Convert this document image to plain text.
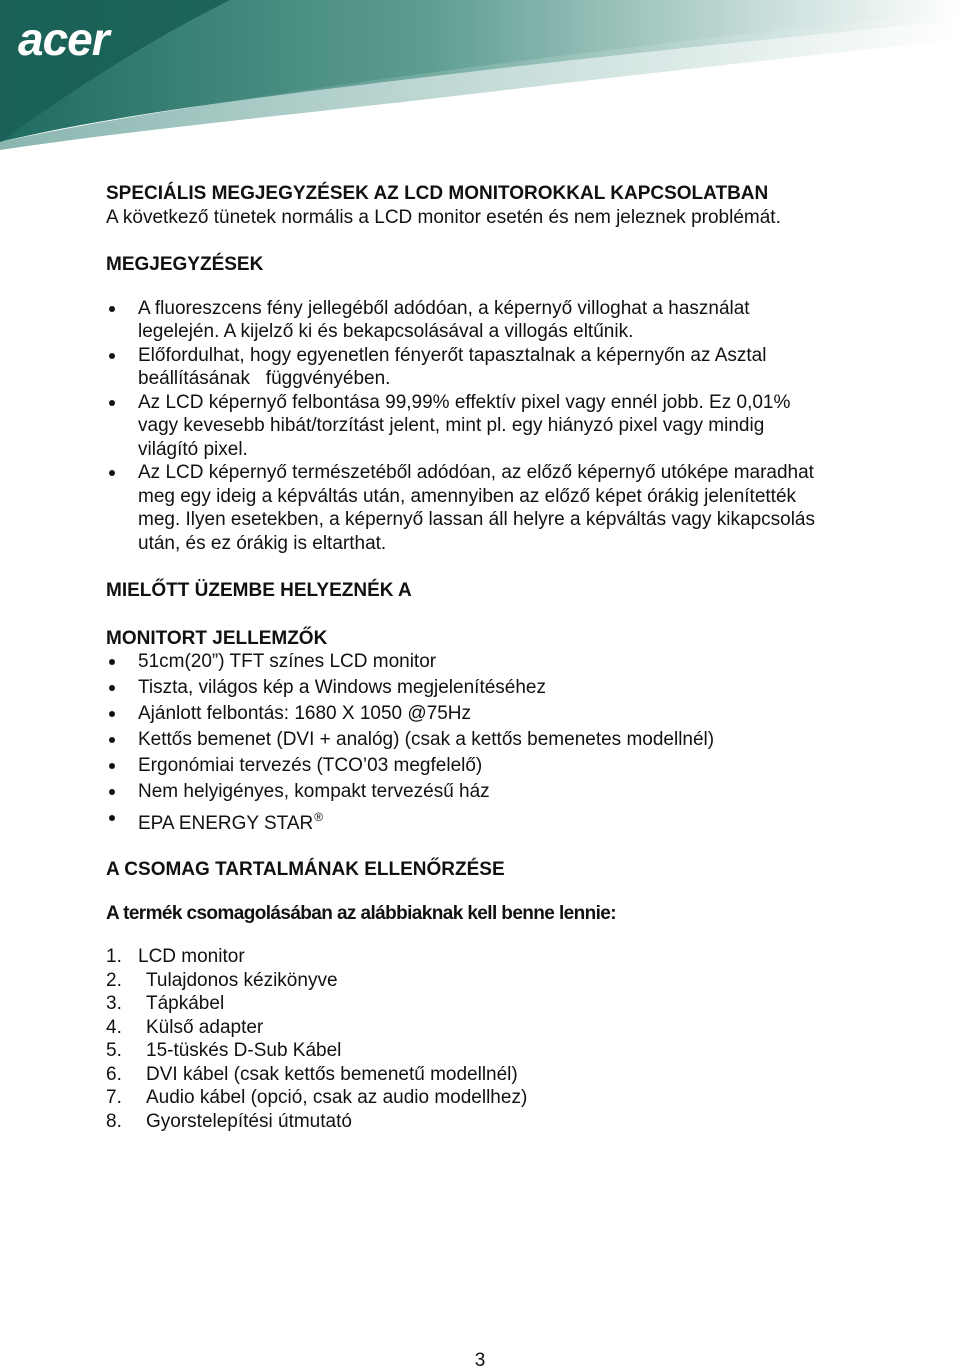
acer

SPECIÁLIS MEGJEGYZÉSEK AZ LCD MONITOROKKAL KAPCSOLATBAN

A következő tünetek normális a LCD monitor esetén és nem jeleznek problémát.

MEGJEGYZÉSEK

A fluoreszcens fény jellegéből adódóan, a képernyő villoghat a használat legelején. A kijelző ki és bekapcsolásával a villogás eltűnik.
Előfordulhat, hogy egyenetlen fényerőt tapasztalnak a képernyőn az Asztal beállításának   függvényében.
Az LCD képernyő felbontása 99,99% effektív pixel vagy ennél jobb. Ez 0,01% vagy kevesebb hibát/torzítást jelent, mint pl. egy hiányzó pixel vagy mindig világító pixel.
Az LCD képernyő természetéből adódóan, az előző képernyő utóképe maradhat meg egy ideig a képváltás után, amennyiben az előző képet órákig jelenítették meg. Ilyen esetekben, a képernyő lassan áll helyre a képváltás vagy kikapcsolás után, és ez órákig is eltarthat.

MIELŐTT ÜZEMBE HELYEZNÉK A

MONITORT JELLEMZŐK

51cm(20”) TFT színes LCD monitor
Tiszta, világos kép a Windows megjelenítéséhez
Ajánlott felbontás: 1680 X 1050 @75Hz
Kettős bemenet (DVI + analóg) (csak a kettős bemenetes modellnél)
Ergonómiai tervezés (TCO’03 megfelelő)
Nem helyigényes, kompakt tervezésű ház
EPA ENERGY STAR®

A CSOMAG TARTALMÁNAK ELLENŐRZÉSE

A termék csomagolásában az alábbiaknak kell benne lennie:

1. LCD monitor
2.	Tulajdonos kézikönyve
3.	Tápkábel
4.	Külső adapter
5.	15-tüskés D-Sub Kábel
6.	DVI kábel (csak kettős bemenetű modellnél)
7.	Audio kábel (opció, csak az audio modellhez)
8.	Gyorstelepítési útmutató
3
